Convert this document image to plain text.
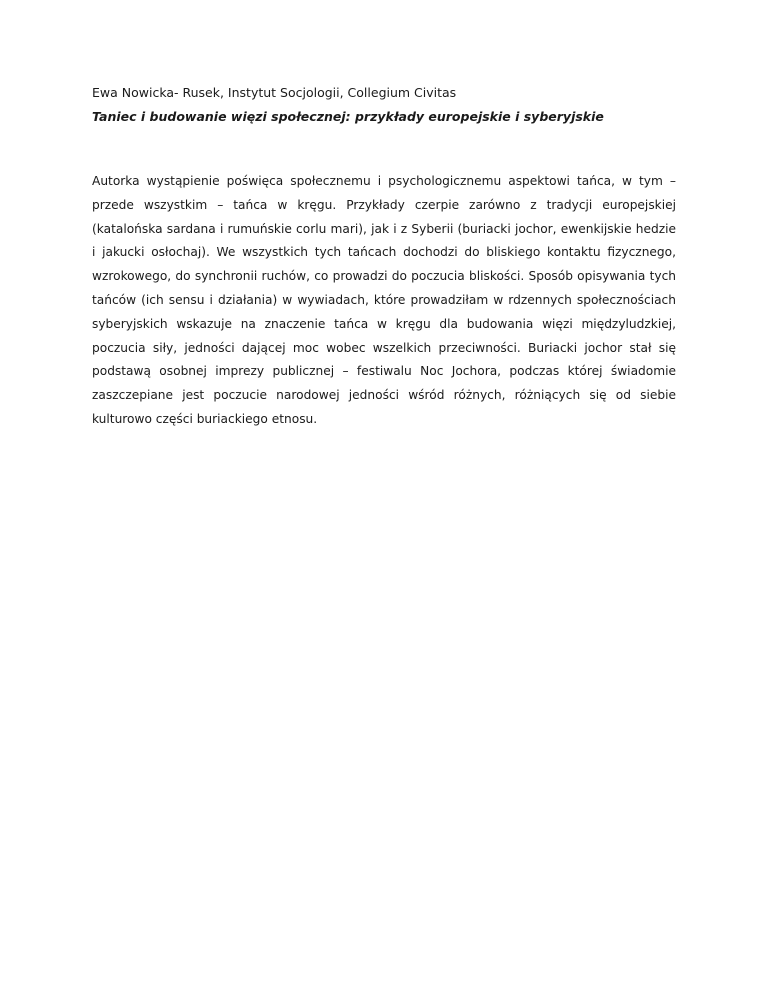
Ewa Nowicka- Rusek, Instytut Socjologii, Collegium Civitas
Taniec i budowanie więzi społecznej: przykłady europejskie i syberyjskie

Autorka wystąpienie poświęca społecznemu i psychologicznemu aspektowi tańca, w tym – przede wszystkim – tańca w kręgu. Przykłady czerpie zarówno z tradycji europejskiej (katalońska sardana i rumuńskie corlu mari), jak i z Syberii (buriacki jochor, ewenkijskie hedzie i jakucki osłochaj). We wszystkich tych tańcach dochodzi do bliskiego kontaktu fizycznego, wzrokowego, do synchronii ruchów, co prowadzi do poczucia bliskości. Sposób opisywania tych tańców (ich sensu i działania) w wywiadach, które prowadziłam w rdzennych społecznościach syberyjskich wskazuje na znaczenie tańca w kręgu dla budowania więzi międzyludzkiej, poczucia siły, jedności dającej moc wobec wszelkich przeciwności. Buriacki jochor stał się podstawą osobnej imprezy publicznej – festiwalu Noc Jochora, podczas której świadomie zaszczepiane jest poczucie narodowej jedności wśród różnych, różniących się od siebie kulturowo części buriackiego etnosu.
